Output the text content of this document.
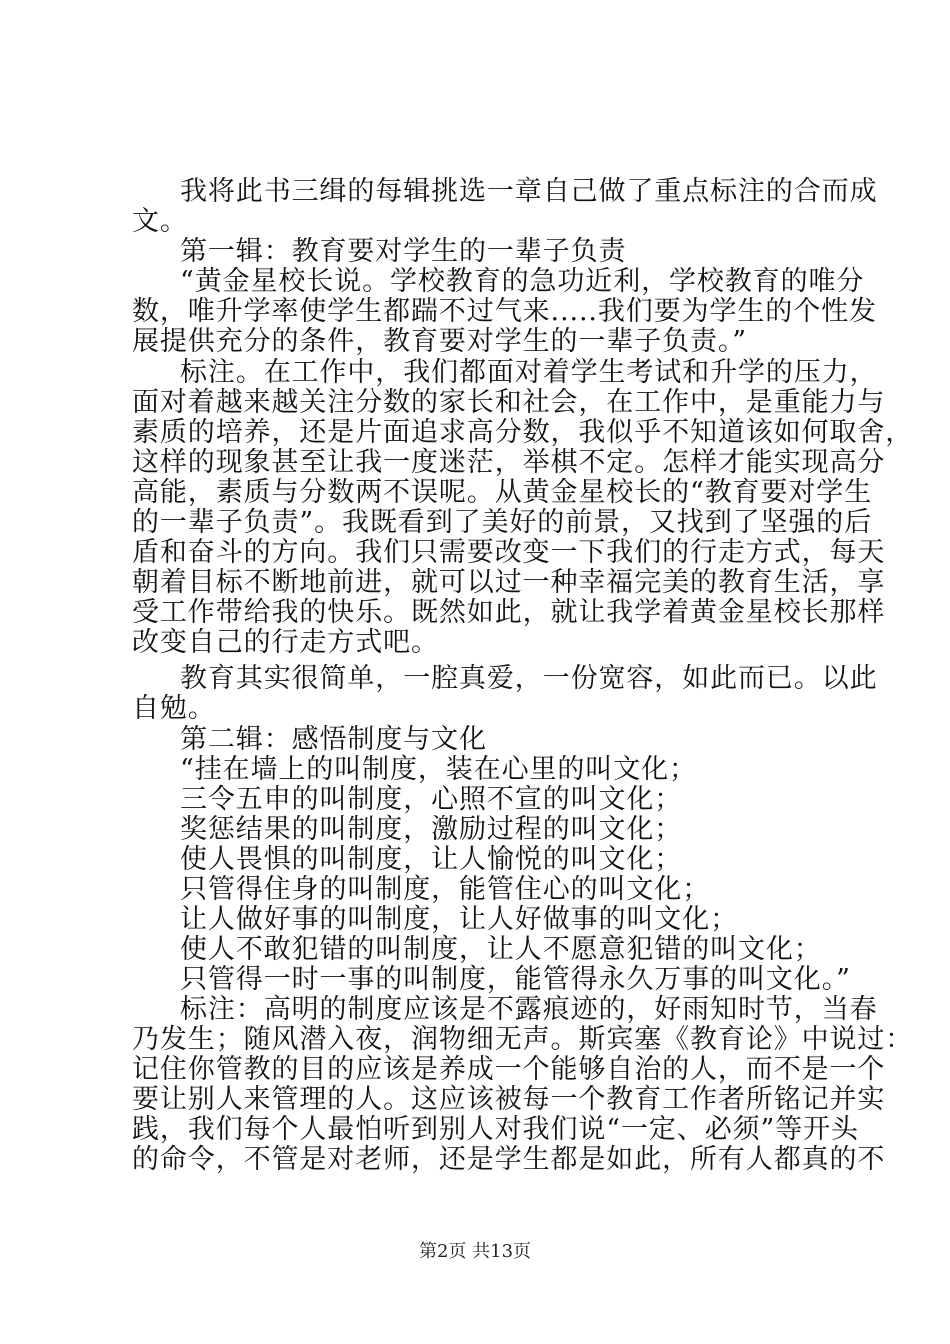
我将此书三缉的每辑挑选一章自己做了重点标注的合而成
文。
第一辑：教育要对学生的一辈子负责
“黄金星校长说。学校教育的急功近利，学校教育的唯分
数，唯升学率使学生都踹不过气来.....我们要为学生的个性发
展提供充分的条件，教育要对学生的一辈子负责。”
标注。在工作中，我们都面对着学生考试和升学的压力，
面对着越来越关注分数的家长和社会，在工作中，是重能力与
素质的培养，还是片面追求高分数，我似乎不知道该如何取舍，
这样的现象甚至让我一度迷茫，举棋不定。怎样才能实现高分
高能，素质与分数两不误呢。从黄金星校长的“教育要对学生
的一辈子负责”。我既看到了美好的前景，又找到了坚强的后
盾和奋斗的方向。我们只需要改变一下我们的行走方式，每天
朝着目标不断地前进，就可以过一种幸福完美的教育生活，享
受工作带给我的快乐。既然如此，就让我学着黄金星校长那样
改变自己的行走方式吧。
教育其实很简单，一腔真爱，一份宽容，如此而已。以此
自勉。
第二辑：感悟制度与文化
“挂在墙上的叫制度，装在心里的叫文化；
三令五申的叫制度，心照不宣的叫文化；
奖惩结果的叫制度，激励过程的叫文化；
使人畏惧的叫制度，让人愉悦的叫文化；
只管得住身的叫制度，能管住心的叫文化；
让人做好事的叫制度，让人好做事的叫文化；
使人不敢犯错的叫制度，让人不愿意犯错的叫文化；
只管得一时一事的叫制度，能管得永久万事的叫文化。”
标注：高明的制度应该是不露痕迹的，好雨知时节，当春
乃发生；随风潜入夜，润物细无声。斯宾塞《教育论》中说过：
记住你管教的目的应该是养成一个能够自治的人，而不是一个
要让别人来管理的人。这应该被每一个教育工作者所铭记并实
践，我们每个人最怕听到别人对我们说“一定、必须”等开头
的命令，不管是对老师，还是学生都是如此，所有人都真的不
第2页 共13页
